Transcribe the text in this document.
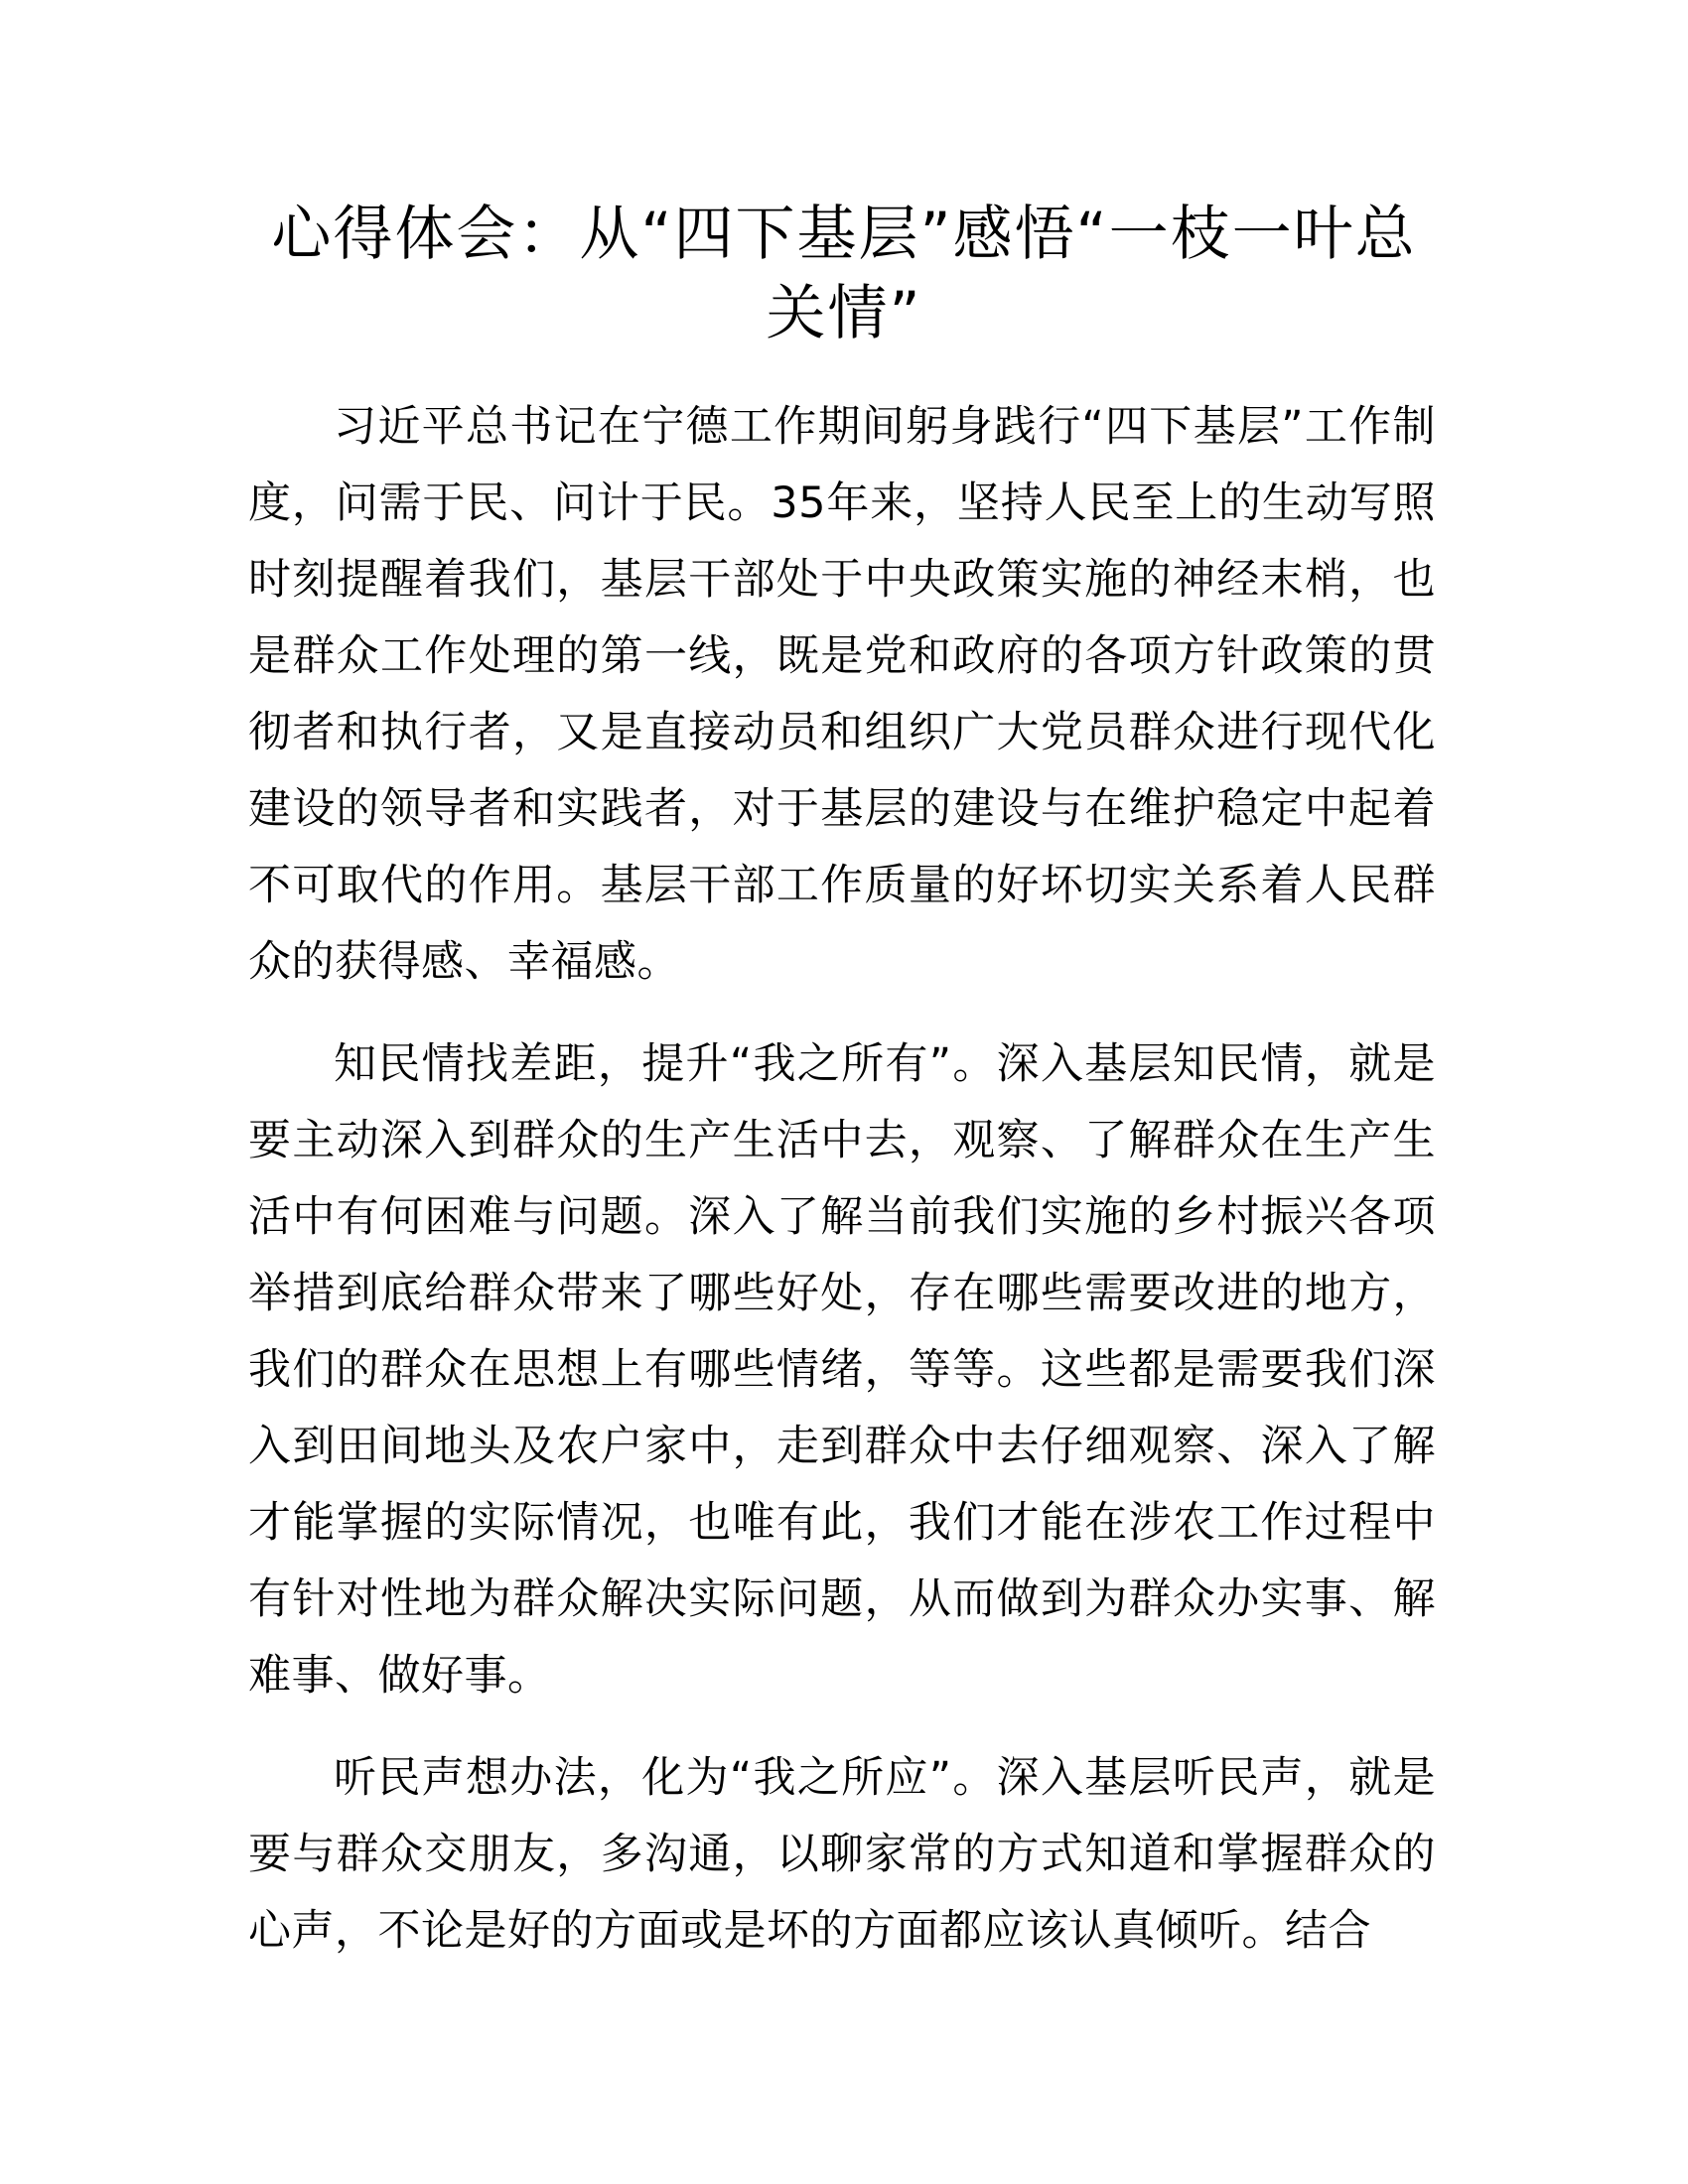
心得体会：从“四下基层”感悟“一枝一叶总关情”

习近平总书记在宁德工作期间躬身践行“四下基层”工作制度，问需于民、问计于民。35年来，坚持人民至上的生动写照时刻提醒着我们，基层干部处于中央政策实施的神经末梢，也是群众工作处理的第一线，既是党和政府的各项方针政策的贯彻者和执行者，又是直接动员和组织广大党员群众进行现代化建设的领导者和实践者，对于基层的建设与在维护稳定中起着不可取代的作用。基层干部工作质量的好坏切实关系着人民群众的获得感、幸福感。

知民情找差距，提升“我之所有”。深入基层知民情，就是要主动深入到群众的生产生活中去，观察、了解群众在生产生活中有何困难与问题。深入了解当前我们实施的乡村振兴各项举措到底给群众带来了哪些好处，存在哪些需要改进的地方，我们的群众在思想上有哪些情绪，等等。这些都是需要我们深入到田间地头及农户家中，走到群众中去仔细观察、深入了解才能掌握的实际情况，也唯有此，我们才能在涉农工作过程中有针对性地为群众解决实际问题，从而做到为群众办实事、解难事、做好事。

听民声想办法，化为“我之所应”。深入基层听民声，就是要与群众交朋友，多沟通，以聊家常的方式知道和掌握群众的心声，不论是好的方面或是坏的方面都应该认真倾听。结合
